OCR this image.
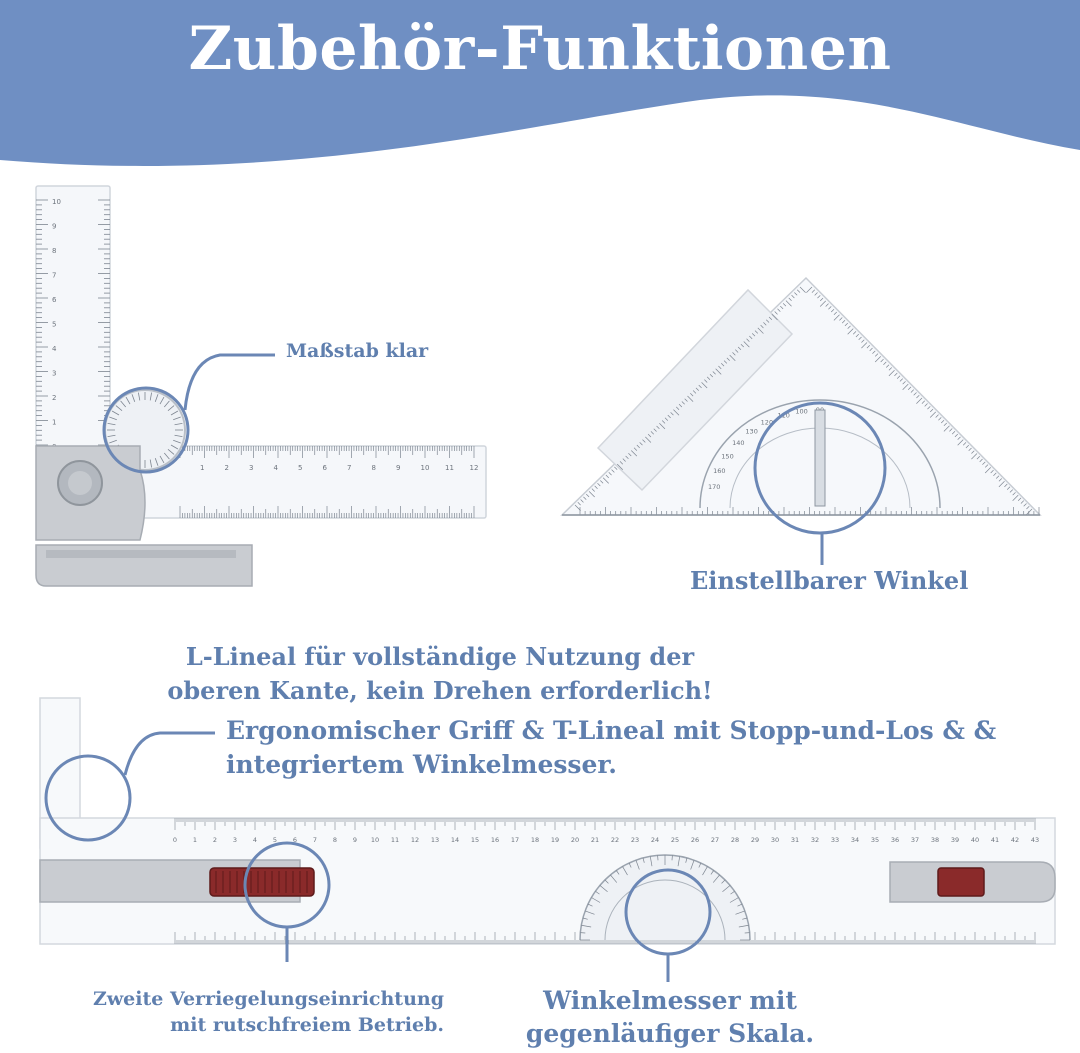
10
9
8
7
6
5
4
3
2
1
1	2	3	4	5	6	7	8	9	10 11 12
100
110
120
130
140
150
160
170
0 1 2 3 4 5 6 7 8 9 10 11 12 13 14 15 16 17 18 19 20 21 22 23 24 25 26 27 28 29 30 31 32 33 34 35 36 37 38 39 40 41 42 43
Zubehör-Funktionen
Maßstab klar
Einstellbarer Winkel
L-Lineal für vollständige Nutzung der
oberen Kante, kein Drehen erforderlich!
Ergonomischer Griff & T-Lineal mit Stopp-und-Los & &
integriertem Winkelmesser.
Zweite Verriegelungseinrichtung
mit rutschfreiem Betrieb.
Winkelmesser mit
gegenläufiger Skala.
